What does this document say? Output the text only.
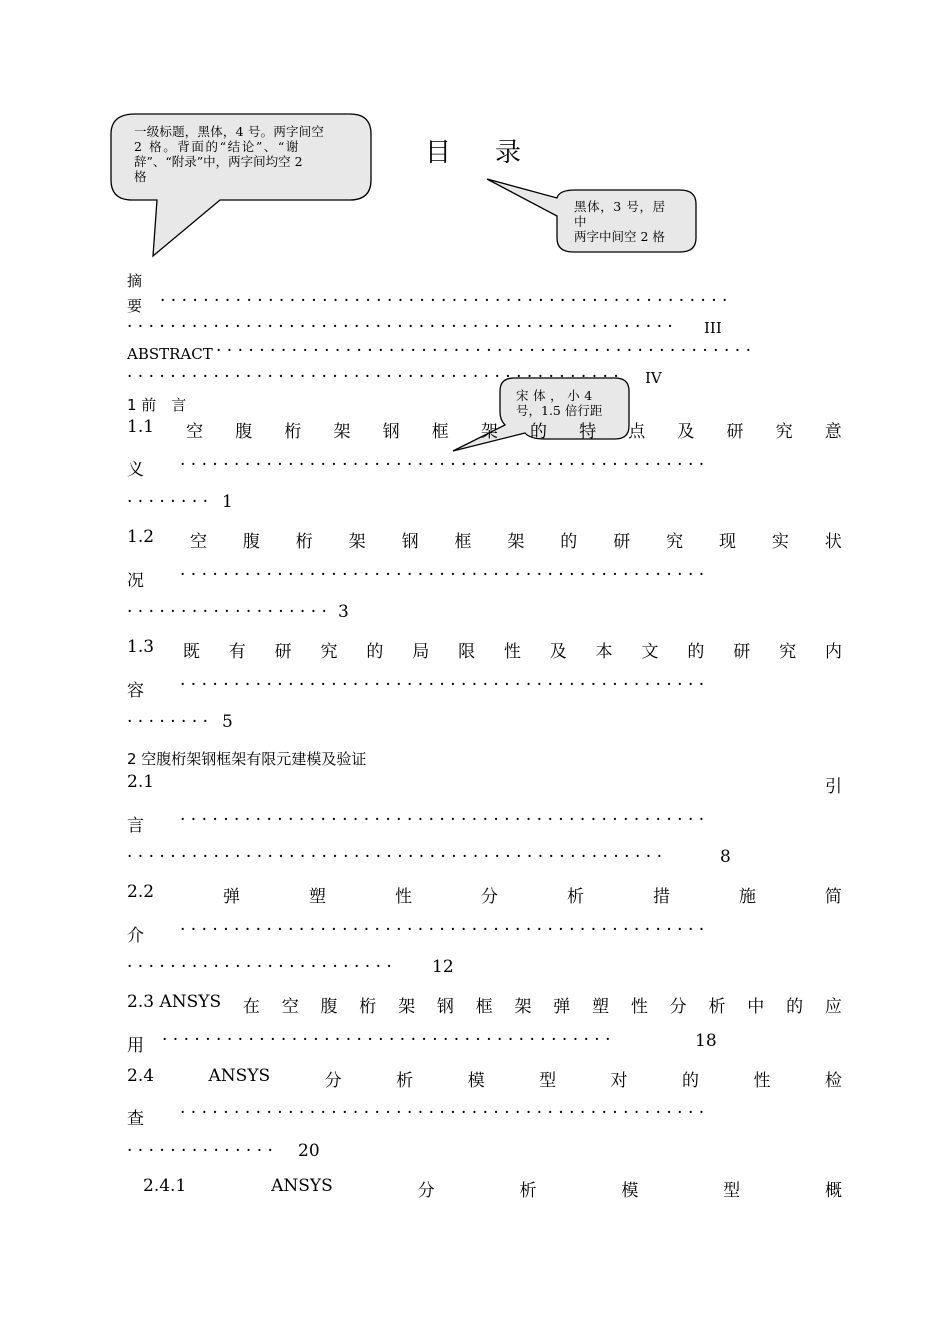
一级标题，黑体，4 号。两字间空
2 格。背面的“结论”、“谢
辞”、“附录”中，两字间均空 2
格
黑体，3 号，居
中
两字中间空 2 格
宋 体 ， 小 4
号，1.5 倍行距
目 录
摘
要 · · · · · · · · · · · · · · · · · · · · · · · · · · · · · · · · · · · · · · · · · · · · · · · · · · · · ·
· · · · · · · · · · · · · · · · · · · · · · · · · · · · · · · · · · · · · · · · · · · · · · · · · · ·	III
ABSTRACT · · · · · · · · · · · · · · · · · · · · · · · · · · · · · · · · · · · · · · · · · · · · · · · · · ·
· · · · · · · · · · · · · · · · · · · · · · · · · · · · · · · · · · · · · · · · · · · · · ·	IV
1 前　言
1.1 空 腹 桁 架 钢 框 架 的 特 点 及 研 究 意
义 · · · · · · · · · · · · · · · · · · · · · · · · · · · · · · · · · · · · · · · · · · · · · · · · ·
· · · · · · · · 1
1.2 空 腹 桁 架 钢 框 架 的 研 究 现 实 状
况 · · · · · · · · · · · · · · · · · · · · · · · · · · · · · · · · · · · · · · · · · · · · · · · · ·
· · · · · · · · · · · · · · · · · · · 3
1.3 既 有 研 究 的 局 限 性 及 本 文 的 研 究 内
容 · · · · · · · · · · · · · · · · · · · · · · · · · · · · · · · · · · · · · · · · · · · · · · · · ·
· · · · · · · · 5
2 空腹桁架钢框架有限元建模及验证
2.1	引
言 · · · · · · · · · · · · · · · · · · · · · · · · · · · · · · · · · · · · · · · · · · · · · · · · ·
· · · · · · · · · · · · · · · · · · · · · · · · · · · · · · · · · · · · · · · · · · · · · · · · · ·	8
2.2	弹	塑	性	分	析	措	施	简
介 · · · · · · · · · · · · · · · · · · · · · · · · · · · · · · · · · · · · · · · · · · · · · · · · ·
· · · · · · · · · · · · · · · · · · · · · · · · ·	12
2.3 ANSYS 在 空 腹 桁 架 钢 框 架 弹 塑 性 分 析 中 的 应
用 · · · · · · · · · · · · · · · · · · · · · · · · · · · · · · · · · · · · · · · · · ·	18
2.4	ANSYS	分	析	模	型	对	的	性	检
查 · · · · · · · · · · · · · · · · · · · · · · · · · · · · · · · · · · · · · · · · · · · · · · · · ·
· · · · · · · · · · · · · ·	20
2.4.1	ANSYS	分	析	模	型	概
